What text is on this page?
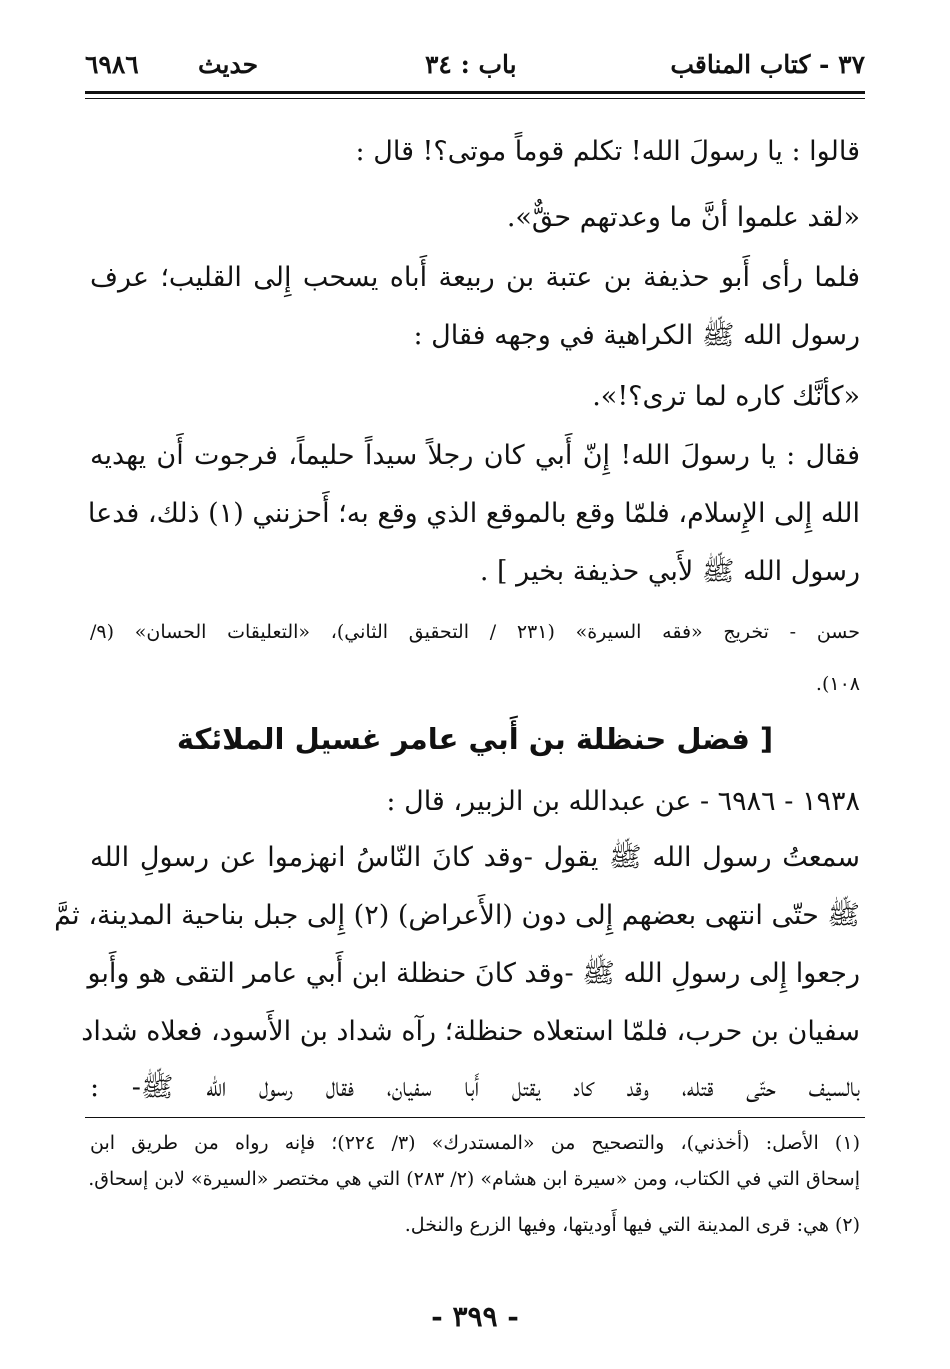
٣٧ - كتاب المناقب
باب : ٣٤
حديث
٦٩٨٦
قالوا : يا رسولَ الله! تكلم قوماً موتى؟! قال :
«لقد علموا أنَّ ما وعدتهم حقٌّ».
فلما رأى أَبو حذيفة بن عتبة بن ربيعة أَباه يسحب إِلى القليب؛ عرف
رسول الله ﷺ الكراهية في وجهه فقال :
«كأنَّك كاره لما ترى؟!».
فقال : يا رسولَ الله! إِنّ أَبي كان رجلاً سيداً حليماً، فرجوت أَن يهديه
الله إِلى الإِسلام، فلمّا وقع بالموقع الذي وقع به؛ أَحزنني (١) ذلك، فدعا
رسول الله ﷺ لأَبي حذيفة بخير ] .
حسن - تخريج «فقه السيرة» (٢٣١ / التحقيق الثاني)، «التعليقات الحسان» (٩/
١٠٨).
[ فضل حنظلة بن أَبي عامر غسيل الملائكة
١٩٣٨ - ٦٩٨٦ - عن عبدالله بن الزبير، قال :
سمعتُ رسول الله ﷺ يقول -وقد كانَ النّاسُ انهزموا عن رسولِ الله
ﷺ حتّى انتهى بعضهم إِلى دون (الأَعراض) (٢) إِلى جبل بناحية المدينة، ثمَّ
رجعوا إِلى رسولِ الله ﷺ -وقد كانَ حنظلة ابن أَبي عامر التقى هو وأَبو
سفيان بن حرب، فلمّا استعلاه حنظلة؛ رآه شداد بن الأَسود، فعلاه شداد
بالسيف حتّى قتله، وقد كاد يقتل أَبا سفيان، فقال رسول الله ﷺ- :
(١) الأصل: (أخذني)، والتصحيح من «المستدرك» (٣/ ٢٢٤)؛ فإنه رواه من طريق ابن
إسحاق التي في الكتاب، ومن «سيرة ابن هشام» (٢/ ٢٨٣) التي هي مختصر «السيرة» لابن إسحاق.
(٢) هي: قرى المدينة التي فيها أَوديتها، وفيها الزرع والنخل.
- ٣٩٩ -
